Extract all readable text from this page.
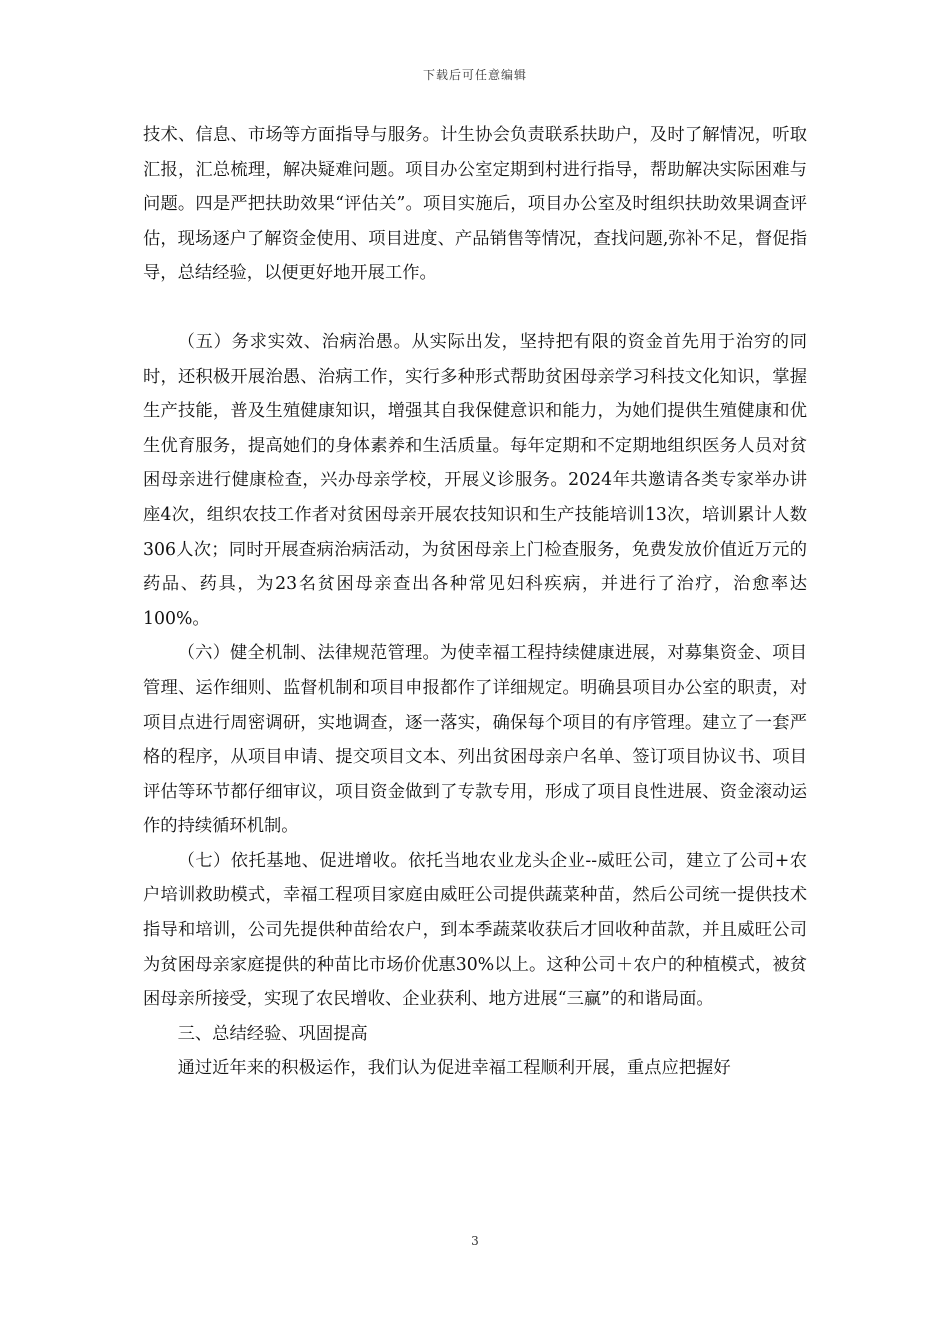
下载后可任意编辑

技术、信息、市场等方面指导与服务。计生协会负责联系扶助户，及时了解情况，听取汇报，汇总梳理，解决疑难问题。项目办公室定期到村进行指导，帮助解决实际困难与问题。四是严把扶助效果“评估关”。项目实施后，项目办公室及时组织扶助效果调查评估，现场逐户了解资金使用、项目进度、产品销售等情况，查找问题,弥补不足，督促指导，总结经验，以便更好地开展工作。

（五）务求实效、治病治愚。从实际出发，坚持把有限的资金首先用于治穷的同时，还积极开展治愚、治病工作，实行多种形式帮助贫困母亲学习科技文化知识，掌握生产技能，普及生殖健康知识，增强其自我保健意识和能力，为她们提供生殖健康和优生优育服务，提高她们的身体素养和生活质量。每年定期和不定期地组织医务人员对贫困母亲进行健康检查，兴办母亲学校，开展义诊服务。2024年共邀请各类专家举办讲座4次，组织农技工作者对贫困母亲开展农技知识和生产技能培训13次，培训累计人数306人次；同时开展查病治病活动，为贫困母亲上门检查服务，免费发放价值近万元的药品、药具，为23名贫困母亲查出各种常见妇科疾病，并进行了治疗，治愈率达100%。

（六）健全机制、法律规范管理。为使幸福工程持续健康进展，对募集资金、项目管理、运作细则、监督机制和项目申报都作了详细规定。明确县项目办公室的职责，对项目点进行周密调研，实地调查，逐一落实，确保每个项目的有序管理。建立了一套严格的程序，从项目申请、提交项目文本、列出贫困母亲户名单、签订项目协议书、项目评估等环节都仔细审议，项目资金做到了专款专用，形成了项目良性进展、资金滚动运作的持续循环机制。

（七）依托基地、促进增收。依托当地农业龙头企业--威旺公司，建立了公司+农户培训救助模式，幸福工程项目家庭由威旺公司提供蔬菜种苗，然后公司统一提供技术指导和培训，公司先提供种苗给农户，到本季蔬菜收获后才回收种苗款，并且威旺公司为贫困母亲家庭提供的种苗比市场价优惠30%以上。这种公司＋农户的种植模式，被贫困母亲所接受，实现了农民增收、企业获利、地方进展“三赢”的和谐局面。

三、总结经验、巩固提高

通过近年来的积极运作，我们认为促进幸福工程顺利开展，重点应把握好

3
